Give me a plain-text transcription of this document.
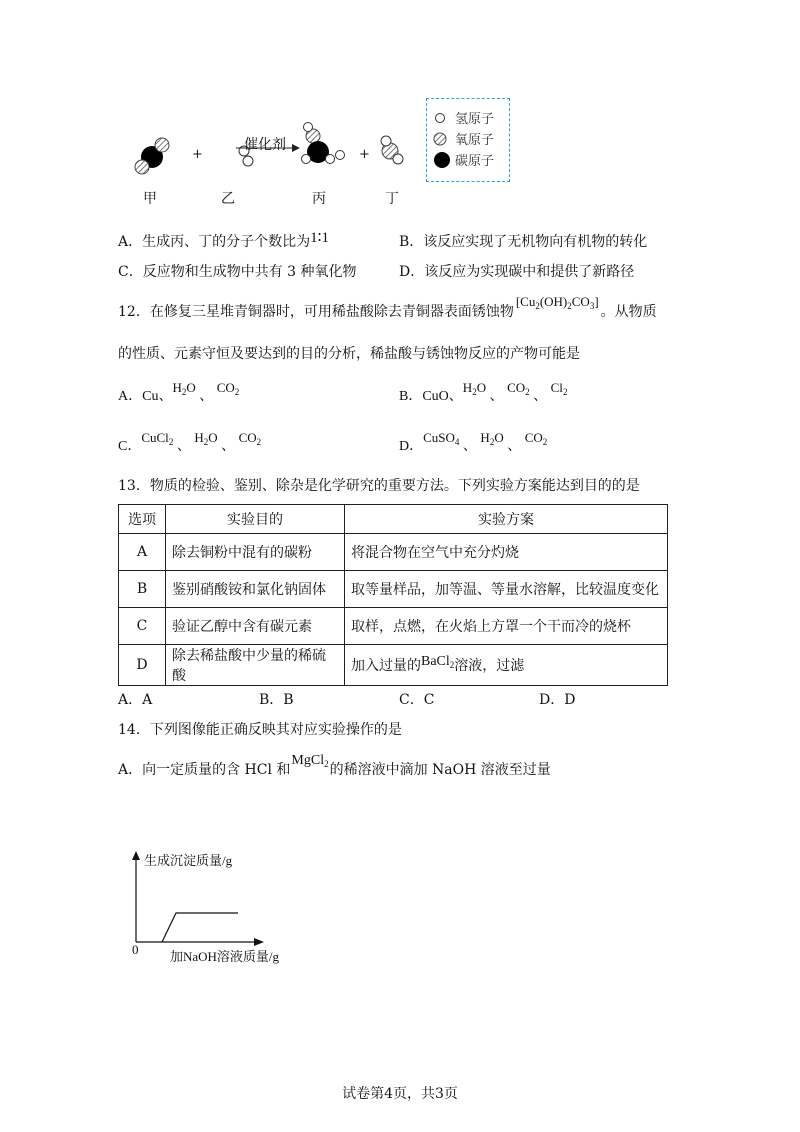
催化剂
+	+
甲	乙	丙	丁
氢原子
氧原子
碳原子
A．生成丙、丁的分子个数比为1∶1	B．该反应实现了无机物向有机物的转化
C．反应物和生成物中共有 3 种氧化物	D．该反应为实现碳中和提供了新路径
12．在修复三星堆青铜器时，可用稀盐酸除去青铜器表面锈蚀物$[Cu_2(OH)_2CO_3]$。从物质
的性质、元素守恒及要达到的目的分析，稀盐酸与锈蚀物反应的产物可能是
A．Cu、$H_2O$ 、 $CO_2$	B．CuO、$H_2O$ 、 $CO_2$ 、 $Cl_2$
C．CuCl$_2$ 、 $H_2O$ 、 $CO_2$	D．CuSO$_4$ 、 $H_2O$ 、 $CO_2$
13．物质的检验、鉴别、除杂是化学研究的重要方法。下列实验方案能达到目的的是
选项	实验目的	实验方案
A	除去铜粉中混有的碳粉	将混合物在空气中充分灼烧
B	鉴别硝酸铵和氯化钠固体	取等量样品，加等温、等量水溶解，比较温度变化
C	验证乙醇中含有碳元素	取样，点燃，在火焰上方罩一个干而冷的烧杯
D	除去稀盐酸中少量的稀硫酸	加入过量的BaCl$_2$溶液，过滤
A．A	B．B	C．C	D．D
14．下列图像能正确反映其对应实验操作的是
A．向一定质量的含 HCl 和MgCl$_2$的稀溶液中滴加 NaOH 溶液至过量
生成沉淀质量/g
加NaOH溶液质量/g
0
试卷第4页，共3页
